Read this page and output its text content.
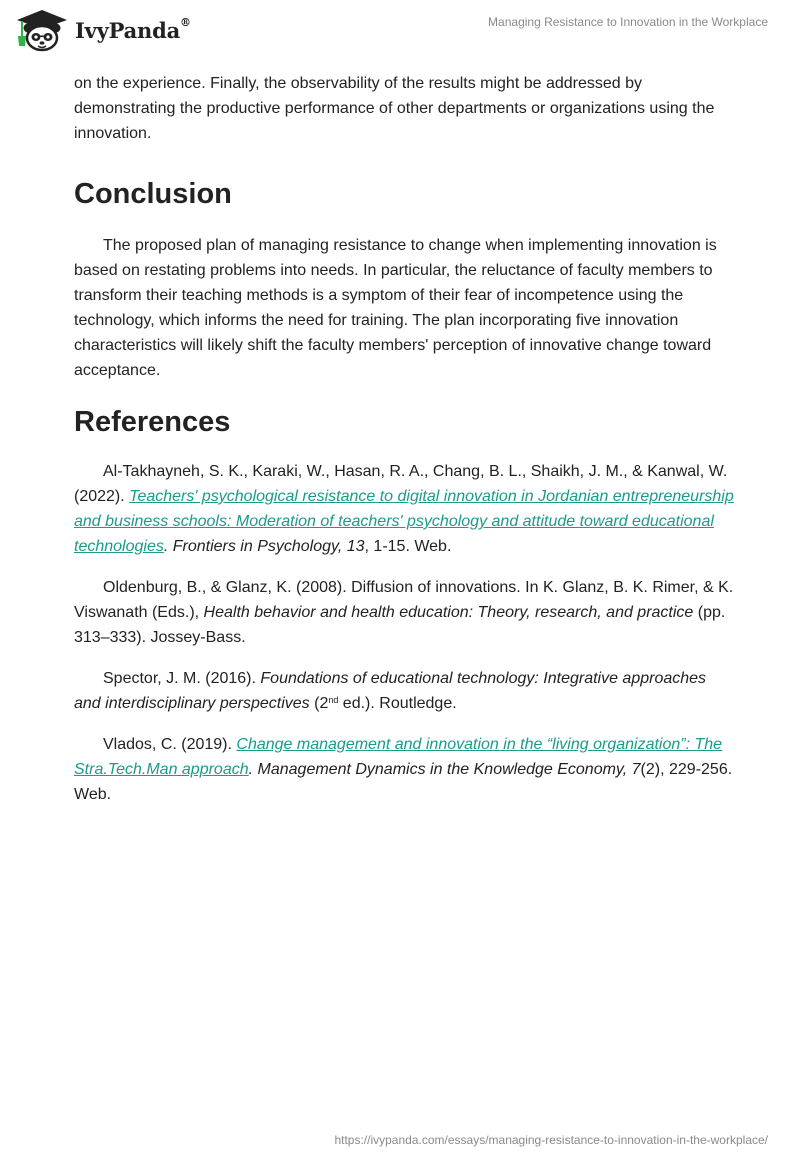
IvyPanda®	Managing Resistance to Innovation in the Workplace

on the experience. Finally, the observability of the results might be addressed by demonstrating the productive performance of other departments or organizations using the innovation.

Conclusion

The proposed plan of managing resistance to change when implementing innovation is based on restating problems into needs. In particular, the reluctance of faculty members to transform their teaching methods is a symptom of their fear of incompetence using the technology, which informs the need for training. The plan incorporating five innovation characteristics will likely shift the faculty members' perception of innovative change toward acceptance.

References

Al-Takhayneh, S. K., Karaki, W., Hasan, R. A., Chang, B. L., Shaikh, J. M., & Kanwal, W. (2022). Teachers' psychological resistance to digital innovation in Jordanian entrepreneurship and business schools: Moderation of teachers' psychology and attitude toward educational technologies. Frontiers in Psychology, 13, 1-15. Web.

Oldenburg, B., & Glanz, K. (2008). Diffusion of innovations. In K. Glanz, B. K. Rimer, & K. Viswanath (Eds.), Health behavior and health education: Theory, research, and practice (pp. 313–333). Jossey-Bass.

Spector, J. M. (2016). Foundations of educational technology: Integrative approaches and interdisciplinary perspectives (2nd ed.). Routledge.

Vlados, C. (2019). Change management and innovation in the “living organization”: The Stra.Tech.Man approach. Management Dynamics in the Knowledge Economy, 7(2), 229-256. Web.

https://ivypanda.com/essays/managing-resistance-to-innovation-in-the-workplace/
